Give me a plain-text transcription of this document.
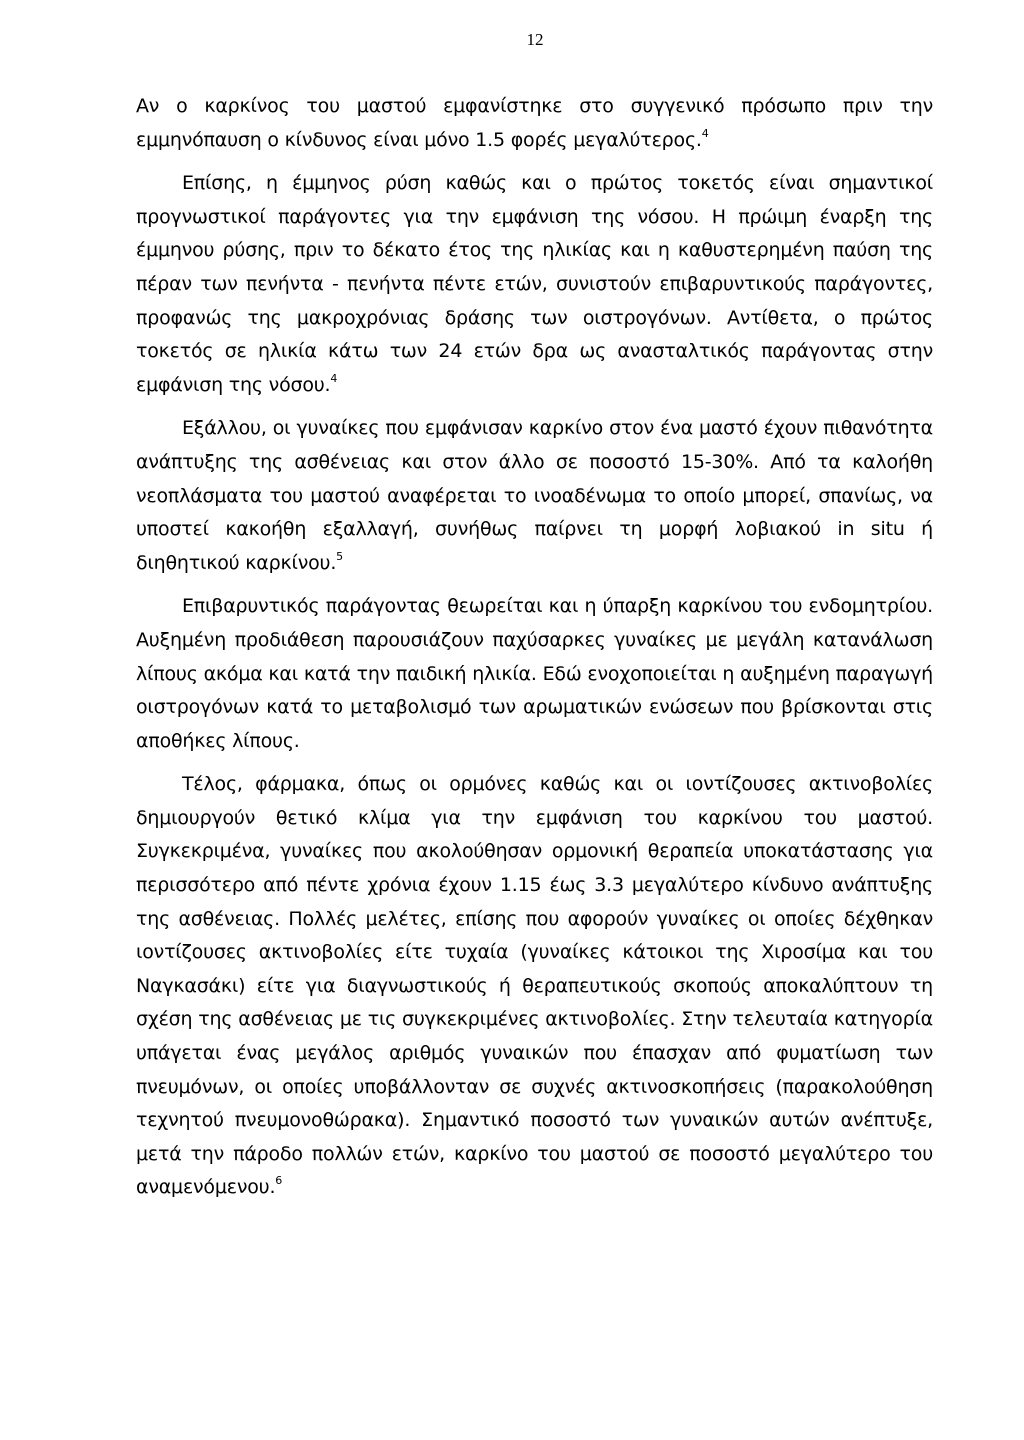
12

Αν ο καρκίνος του μαστού εμφανίστηκε στο συγγενικό πρόσωπο πριν την εμμηνόπαυση ο κίνδυνος είναι μόνο 1.5 φορές μεγαλύτερος.$^4$

Επίσης, η έμμηνος ρύση καθώς και ο πρώτος τοκετός είναι σημαντικοί προγνωστικοί παράγοντες για την εμφάνιση της νόσου. Η πρώιμη έναρξη της έμμηνου ρύσης, πριν το δέκατο έτος της ηλικίας και η καθυστερημένη παύση της πέραν των πενήντα - πενήντα πέντε ετών, συνιστούν επιβαρυντικούς παράγοντες, προφανώς της μακροχρόνιας δράσης των οιστρογόνων. Αντίθετα, ο πρώτος τοκετός σε ηλικία κάτω των 24 ετών δρα ως ανασταλτικός παράγοντας στην εμφάνιση της νόσου.$^4$

Εξάλλου, οι γυναίκες που εμφάνισαν καρκίνο στον ένα μαστό έχουν πιθανότητα ανάπτυξης της ασθένειας και στον άλλο σε ποσοστό 15-30%. Από τα καλοήθη νεοπλάσματα του μαστού αναφέρεται το ινοαδένωμα το οποίο μπορεί, σπανίως, να υποστεί κακοήθη εξαλλαγή, συνήθως παίρνει τη μορφή λοβιακού in situ ή διηθητικού καρκίνου.$^5$

Επιβαρυντικός παράγοντας θεωρείται και η ύπαρξη καρκίνου του ενδομητρίου. Αυξημένη προδιάθεση παρουσιάζουν παχύσαρκες γυναίκες με μεγάλη κατανάλωση λίπους ακόμα και κατά την παιδική ηλικία. Εδώ ενοχοποιείται η αυξημένη παραγωγή οιστρογόνων κατά το μεταβολισμό των αρωματικών ενώσεων που βρίσκονται στις αποθήκες λίπους.

Τέλος, φάρμακα, όπως οι ορμόνες καθώς και οι ιοντίζουσες ακτινοβολίες δημιουργούν θετικό κλίμα για την εμφάνιση του καρκίνου του μαστού. Συγκεκριμένα, γυναίκες που ακολούθησαν ορμονική θεραπεία υποκατάστασης για περισσότερο από πέντε χρόνια έχουν 1.15 έως 3.3 μεγαλύτερο κίνδυνο ανάπτυξης της ασθένειας. Πολλές μελέτες, επίσης που αφορούν γυναίκες οι οποίες δέχθηκαν ιοντίζουσες ακτινοβολίες είτε τυχαία (γυναίκες κάτοικοι της Χιροσίμα και του Ναγκασάκι) είτε για διαγνωστικούς ή θεραπευτικούς σκοπούς αποκαλύπτουν τη σχέση της ασθένειας με τις συγκεκριμένες ακτινοβολίες. Στην τελευταία κατηγορία υπάγεται ένας μεγάλος αριθμός γυναικών που έπασχαν από φυματίωση των πνευμόνων, οι οποίες υποβάλλονταν σε συχνές ακτινοσκοπήσεις (παρακολούθηση τεχνητού πνευμονοθώρακα). Σημαντικό ποσοστό των γυναικών αυτών ανέπτυξε, μετά την πάροδο πολλών ετών, καρκίνο του μαστού σε ποσοστό μεγαλύτερο του αναμενόμενου.$^6$
